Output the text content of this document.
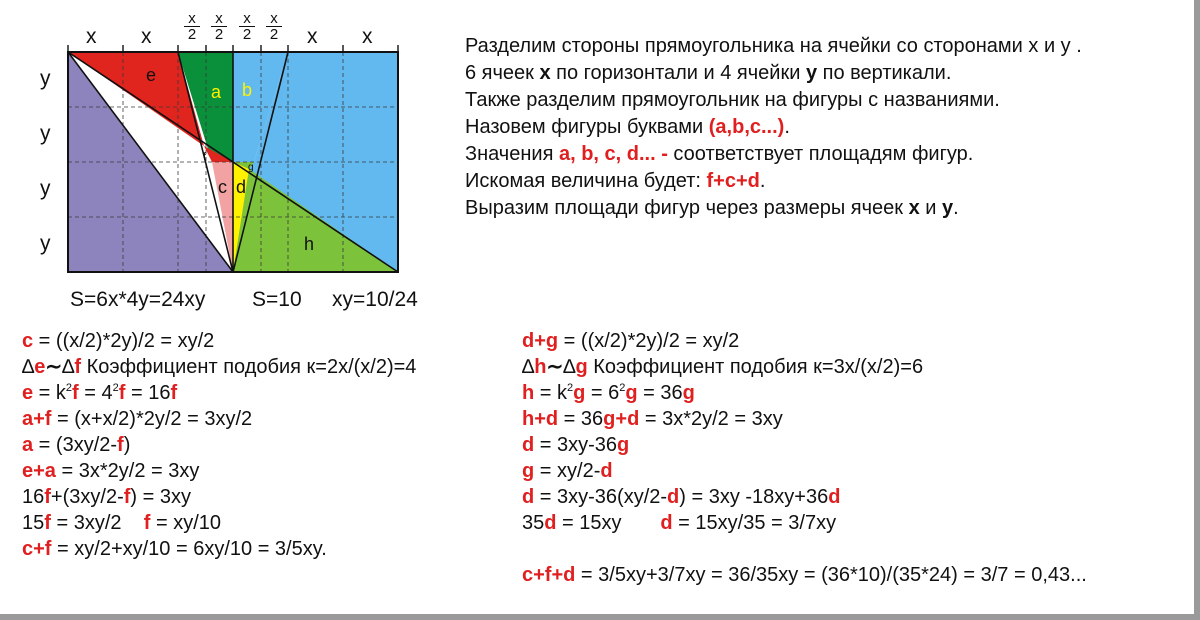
e
a b
f
g
c d
h
x x	x x
$\frac{x}{2} \frac{x}{2} \frac{x}{2} \frac{x}{2}$
y
y
y
y
S=6x*4y=24xy S=10 xy=10/24
Разделим стороны прямоугольника на ячейки со сторонами x и y .
6 ячеек x по горизонтали и 4 ячейки y по вертикали.
Также разделим прямоугольник на фигуры с названиями.
Назовем фигуры буквами (a,b,c...).
Значения a, b, c, d... - соответствует площадям фигур.
Искомая величина будет: f+c+d.
Выразим площади фигур через размеры ячеек x и y.
c = ((x/2)*2y)/2 = xy/2
∆e∼∆f Коэффициент подобия к=2x/(x/2)=4
$e = k^2f = 4^2f = 16f$
a+f = (x+x/2)*2y/2 = 3xy/2
a = (3xy/2-f)
e+a = 3x*2y/2 = 3xy
16f+(3xy/2-f) = 3xy
15f = 3xy/2    f = xy/10
c+f = xy/2+xy/10 = 6xy/10 = 3/5xy.
d+g = ((x/2)*2y)/2 = xy/2
∆h∼∆g Коэффициент подобия к=3x/(x/2)=6
$h = k^2g = 6^2g = 36g$
h+d = 36g+d = 3x*2y/2 = 3xy
d = 3xy-36g
g = xy/2-d
d = 3xy-36(xy/2-d) = 3xy -18xy+36d
35d = 15xy       d = 15xy/35 = 3/7xy
c+f+d = 3/5xy+3/7xy = 36/35xy = (36*10)/(35*24) = 3/7 = 0,43...
